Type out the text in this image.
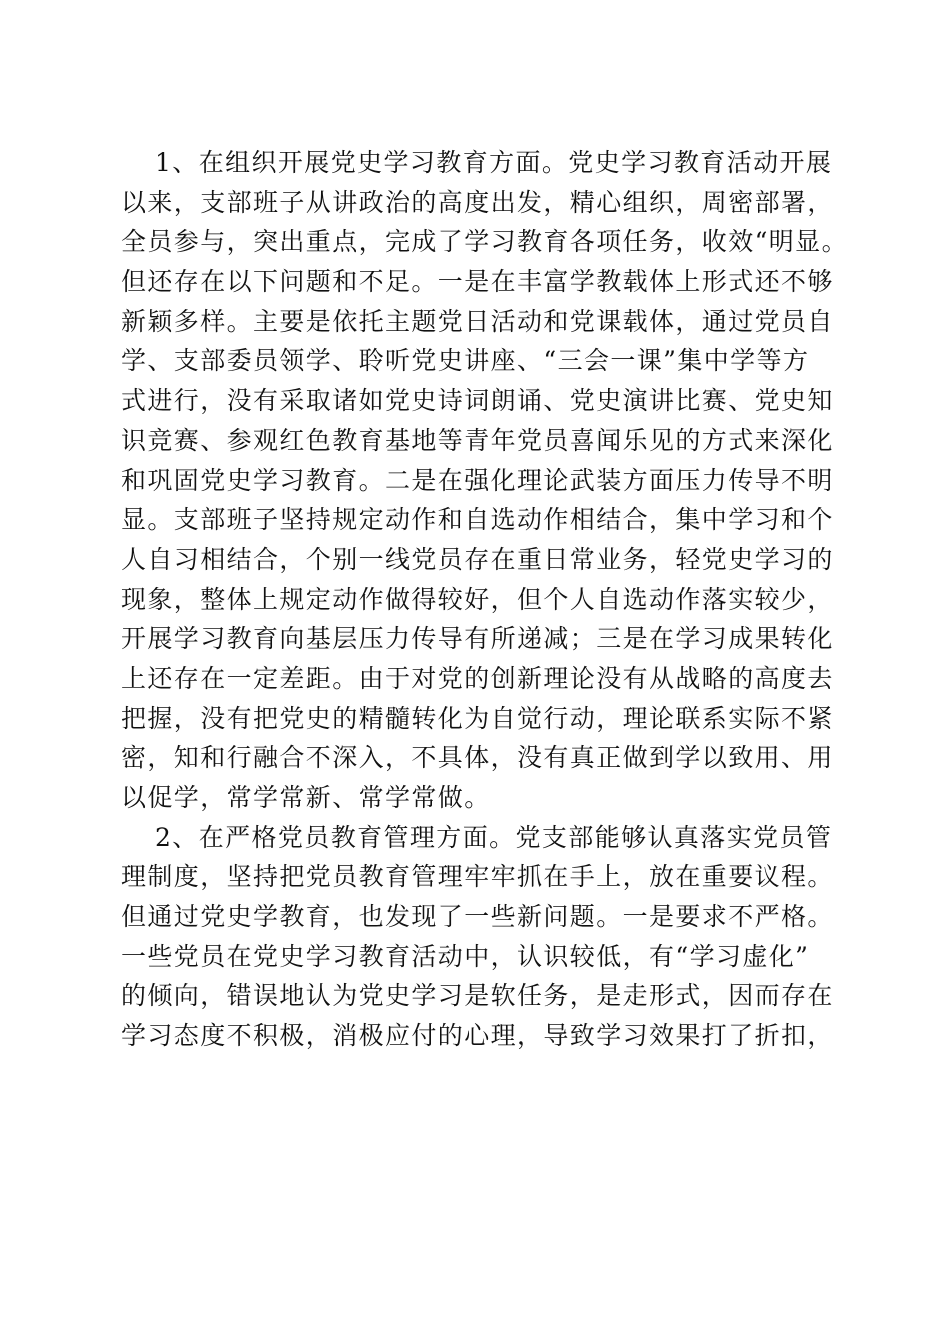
1、在组织开展党史学习教育方面。党史学习教育活动开展
以来，支部班子从讲政治的高度出发，精心组织，周密部署，
全员参与，突出重点，完成了学习教育各项任务，收效“明显。
但还存在以下问题和不足。一是在丰富学教载体上形式还不够
新颖多样。主要是依托主题党日活动和党课载体，通过党员自
学、支部委员领学、聆听党史讲座、“三会一课”集中学等方
式进行，没有采取诸如党史诗词朗诵、党史演讲比赛、党史知
识竞赛、参观红色教育基地等青年党员喜闻乐见的方式来深化
和巩固党史学习教育。二是在强化理论武装方面压力传导不明
显。支部班子坚持规定动作和自选动作相结合，集中学习和个
人自习相结合，个别一线党员存在重日常业务，轻党史学习的
现象，整体上规定动作做得较好，但个人自选动作落实较少，
开展学习教育向基层压力传导有所递减；三是在学习成果转化
上还存在一定差距。由于对党的创新理论没有从战略的高度去
把握，没有把党史的精髓转化为自觉行动，理论联系实际不紧
密，知和行融合不深入，不具体，没有真正做到学以致用、用
以促学，常学常新、常学常做。
2、在严格党员教育管理方面。党支部能够认真落实党员管
理制度，坚持把党员教育管理牢牢抓在手上，放在重要议程。
但通过党史学教育，也发现了一些新问题。一是要求不严格。
一些党员在党史学习教育活动中，认识较低，有“学习虚化”
的倾向，错误地认为党史学习是软任务，是走形式，因而存在
学习态度不积极，消极应付的心理，导致学习效果打了折扣，
